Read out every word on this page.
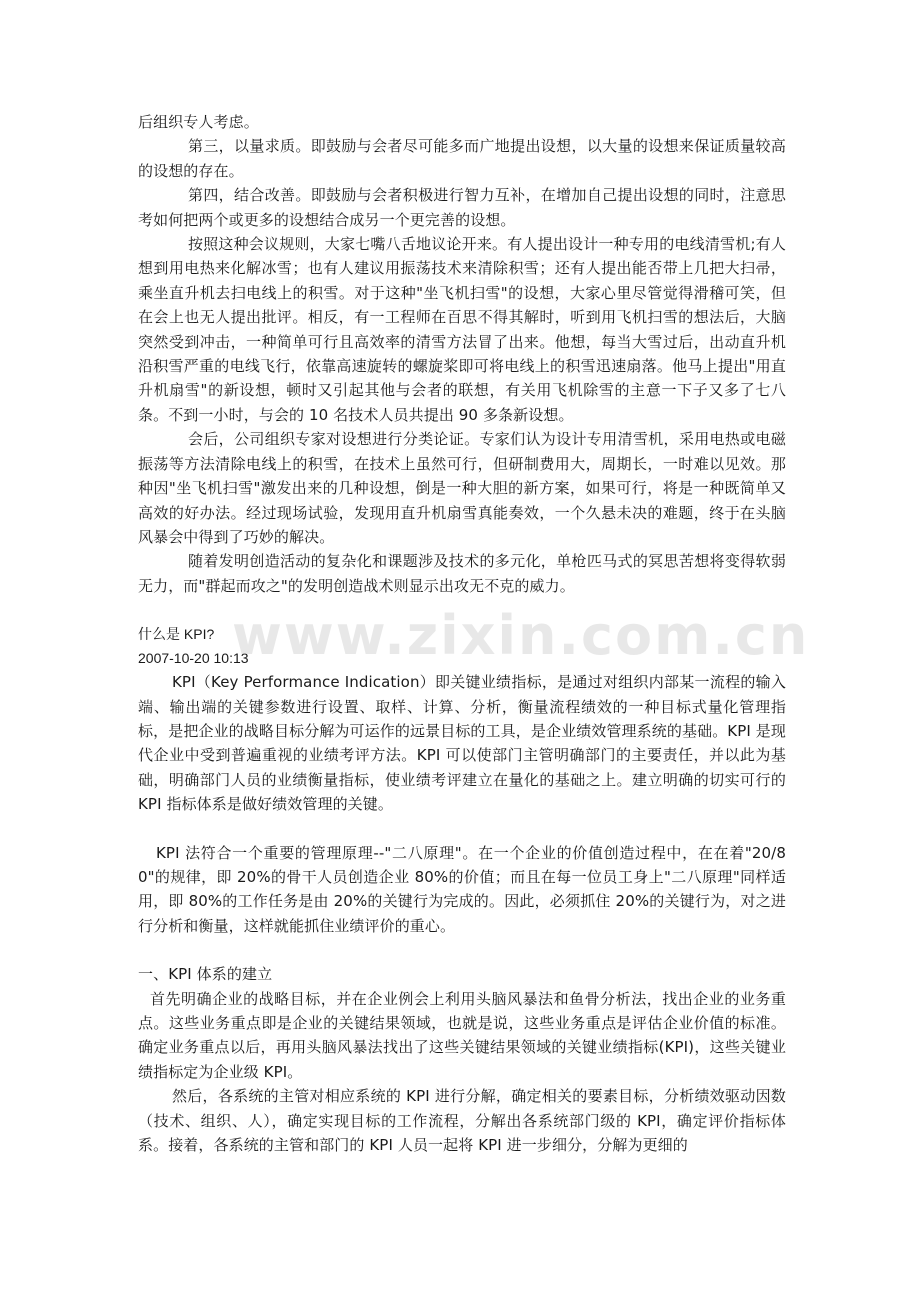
后组织专人考虑。

第三，以量求质。即鼓励与会者尽可能多而广地提出设想，以大量的设想来保证质量较高的设想的存在。

第四，结合改善。即鼓励与会者积极进行智力互补，在增加自己提出设想的同时，注意思考如何把两个或更多的设想结合成另一个更完善的设想。

按照这种会议规则，大家七嘴八舌地议论开来。有人提出设计一种专用的电线清雪机;有人想到用电热来化解冰雪；也有人建议用振荡技术来清除积雪；还有人提出能否带上几把大扫帚，乘坐直升机去扫电线上的积雪。对于这种"坐飞机扫雪"的设想，大家心里尽管觉得滑稽可笑，但在会上也无人提出批评。相反，有一工程师在百思不得其解时，听到用飞机扫雪的想法后，大脑突然受到冲击，一种简单可行且高效率的清雪方法冒了出来。他想，每当大雪过后，出动直升机沿积雪严重的电线飞行，依靠高速旋转的螺旋桨即可将电线上的积雪迅速扇落。他马上提出"用直升机扇雪"的新设想，顿时又引起其他与会者的联想，有关用飞机除雪的主意一下子又多了七八条。不到一小时，与会的 10 名技术人员共提出 90 多条新设想。

会后，公司组织专家对设想进行分类论证。专家们认为设计专用清雪机，采用电热或电磁振荡等方法清除电线上的积雪，在技术上虽然可行，但研制费用大，周期长，一时难以见效。那种因"坐飞机扫雪"激发出来的几种设想，倒是一种大胆的新方案，如果可行，将是一种既简单又高效的好办法。经过现场试验，发现用直升机扇雪真能奏效，一个久悬未决的难题，终于在头脑风暴会中得到了巧妙的解决。

随着发明创造活动的复杂化和课题涉及技术的多元化，单枪匹马式的冥思苦想将变得软弱无力，而"群起而攻之"的发明创造战术则显示出攻无不克的威力。

什么是 KPI?

2007-10-20 10:13

KPI（Key Performance Indication）即关键业绩指标，是通过对组织内部某一流程的输入端、输出端的关键参数进行设置、取样、计算、分析，衡量流程绩效的一种目标式量化管理指标，是把企业的战略目标分解为可运作的远景目标的工具，是企业绩效管理系统的基础。KPI 是现代企业中受到普遍重视的业绩考评方法。KPI 可以使部门主管明确部门的主要责任，并以此为基础，明确部门人员的业绩衡量指标，使业绩考评建立在量化的基础之上。建立明确的切实可行的 KPI 指标体系是做好绩效管理的关键。

KPI 法符合一个重要的管理原理--"二八原理"。在一个企业的价值创造过程中，在在着"20/80"的规律，即 20%的骨干人员创造企业 80%的价值；而且在每一位员工身上"二八原理"同样适用，即 80%的工作任务是由 20%的关键行为完成的。因此，必须抓住 20%的关键行为，对之进行分析和衡量，这样就能抓住业绩评价的重心。

一、KPI 体系的建立

首先明确企业的战略目标，并在企业例会上利用头脑风暴法和鱼骨分析法，找出企业的业务重点。这些业务重点即是企业的关键结果领域，也就是说，这些业务重点是评估企业价值的标准。确定业务重点以后，再用头脑风暴法找出了这些关键结果领域的关键业绩指标(KPI)，这些关键业绩指标定为企业级 KPI。

然后，各系统的主管对相应系统的 KPI 进行分解，确定相关的要素目标，分析绩效驱动因数（技术、组织、人），确定实现目标的工作流程，分解出各系统部门级的 KPI，确定评价指标体系。接着，各系统的主管和部门的 KPI 人员一起将 KPI 进一步细分，分解为更细的

www.zixin.com.cn
